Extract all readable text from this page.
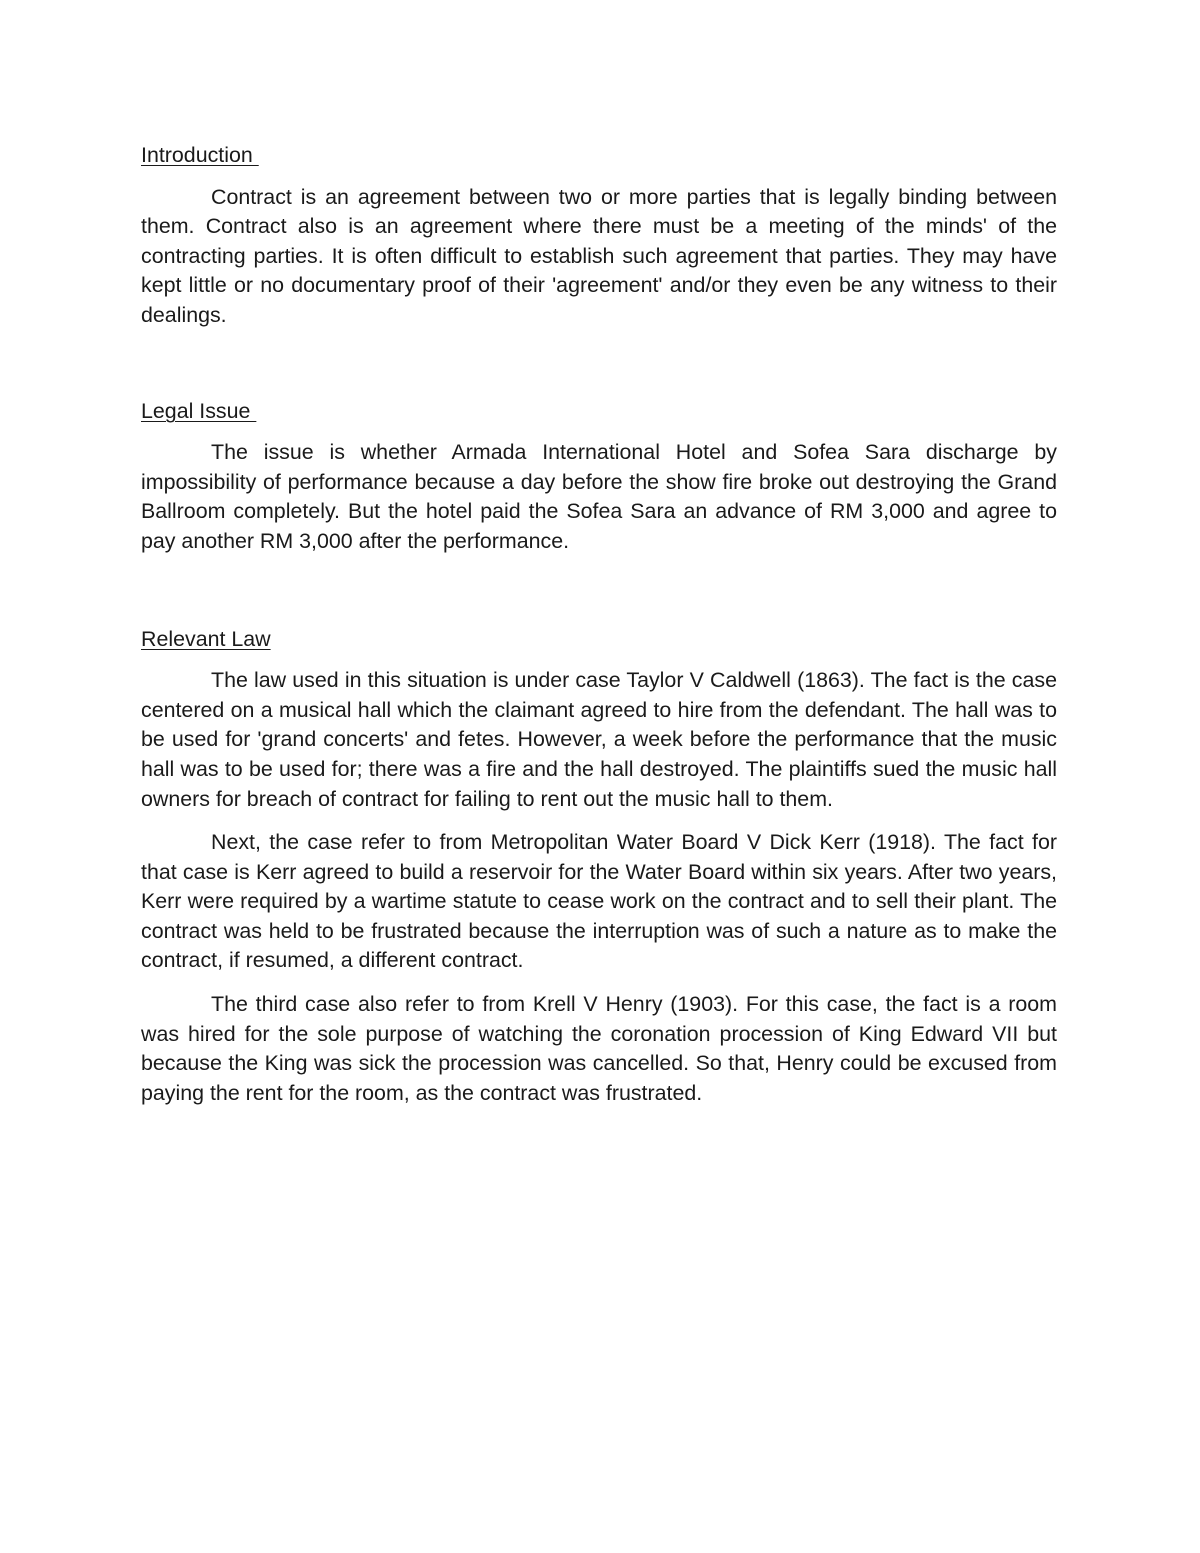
Introduction

Contract is an agreement between two or more parties that is legally binding between them. Contract also is an agreement where there must be a meeting of the minds' of the contracting parties. It is often difficult to establish such agreement that parties. They may have kept little or no documentary proof of their 'agreement' and/or they even be any witness to their dealings.

Legal Issue

The issue is whether Armada International Hotel and Sofea Sara discharge by impossibility of performance because a day before the show fire broke out destroying the Grand Ballroom completely. But the hotel paid the Sofea Sara an advance of RM 3,000 and agree to pay another RM 3,000 after the performance.

Relevant Law

The law used in this situation is under case Taylor V Caldwell (1863). The fact is the case centered on a musical hall which the claimant agreed to hire from the defendant. The hall was to be used for 'grand concerts' and fetes. However, a week before the performance that the music hall was to be used for; there was a fire and the hall destroyed. The plaintiffs sued the music hall owners for breach of contract for failing to rent out the music hall to them.

Next, the case refer to from Metropolitan Water Board V Dick Kerr (1918). The fact for that case is Kerr agreed to build a reservoir for the Water Board within six years. After two years, Kerr were required by a wartime statute to cease work on the contract and to sell their plant. The contract was held to be frustrated because the interruption was of such a nature as to make the contract, if resumed, a different contract.

The third case also refer to from Krell V Henry (1903). For this case, the fact is a room was hired for the sole purpose of watching the coronation procession of King Edward VII but because the King was sick the procession was cancelled. So that, Henry could be excused from paying the rent for the room, as the contract was frustrated.
